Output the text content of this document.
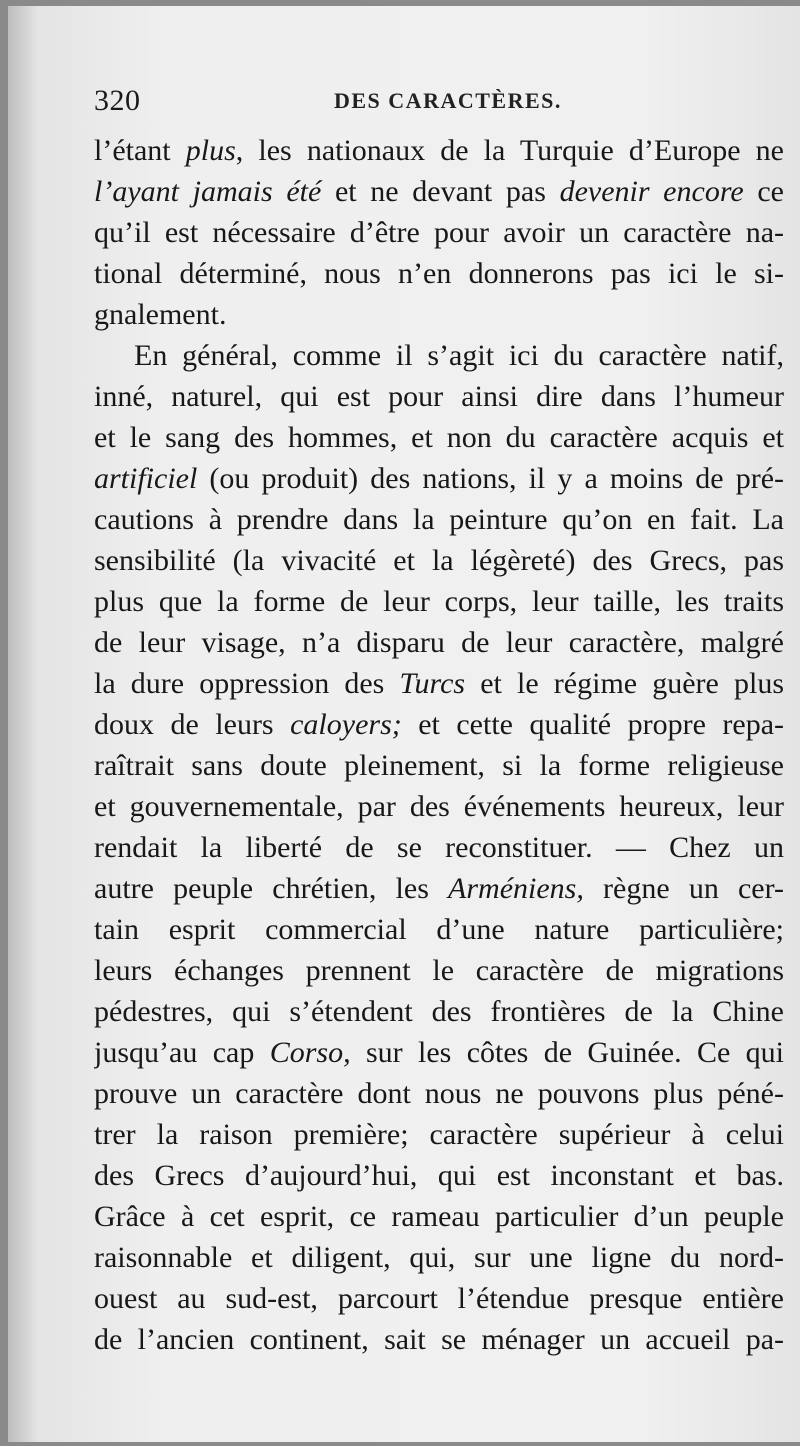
320	DES CARACTÈRES.
l’étant plus, les nationaux de la Turquie d’Europe ne
l’ayant jamais été et ne devant pas devenir encore ce
qu’il est nécessaire d’être pour avoir un caractère na-
tional déterminé, nous n’en donnerons pas ici le si-
gnalement.
En général, comme il s’agit ici du caractère natif,
inné, naturel, qui est pour ainsi dire dans l’humeur
et le sang des hommes, et non du caractère acquis et
artificiel (ou produit) des nations, il y a moins de pré-
cautions à prendre dans la peinture qu’on en fait. La
sensibilité (la vivacité et la légèreté) des Grecs, pas
plus que la forme de leur corps, leur taille, les traits
de leur visage, n’a disparu de leur caractère, malgré
la dure oppression des Turcs et le régime guère plus
doux de leurs caloyers; et cette qualité propre repa-
raîtrait sans doute pleinement, si la forme religieuse
et gouvernementale, par des événements heureux, leur
rendait la liberté de se reconstituer. — Chez un
autre peuple chrétien, les Arméniens, règne un cer-
tain esprit commercial d’une nature particulière;
leurs échanges prennent le caractère de migrations
pédestres, qui s’étendent des frontières de la Chine
jusqu’au cap Corso, sur les côtes de Guinée. Ce qui
prouve un caractère dont nous ne pouvons plus péné-
trer la raison première; caractère supérieur à celui
des Grecs d’aujourd’hui, qui est inconstant et bas.
Grâce à cet esprit, ce rameau particulier d’un peuple
raisonnable et diligent, qui, sur une ligne du nord-
ouest au sud-est, parcourt l’étendue presque entière
de l’ancien continent, sait se ménager un accueil pa-
